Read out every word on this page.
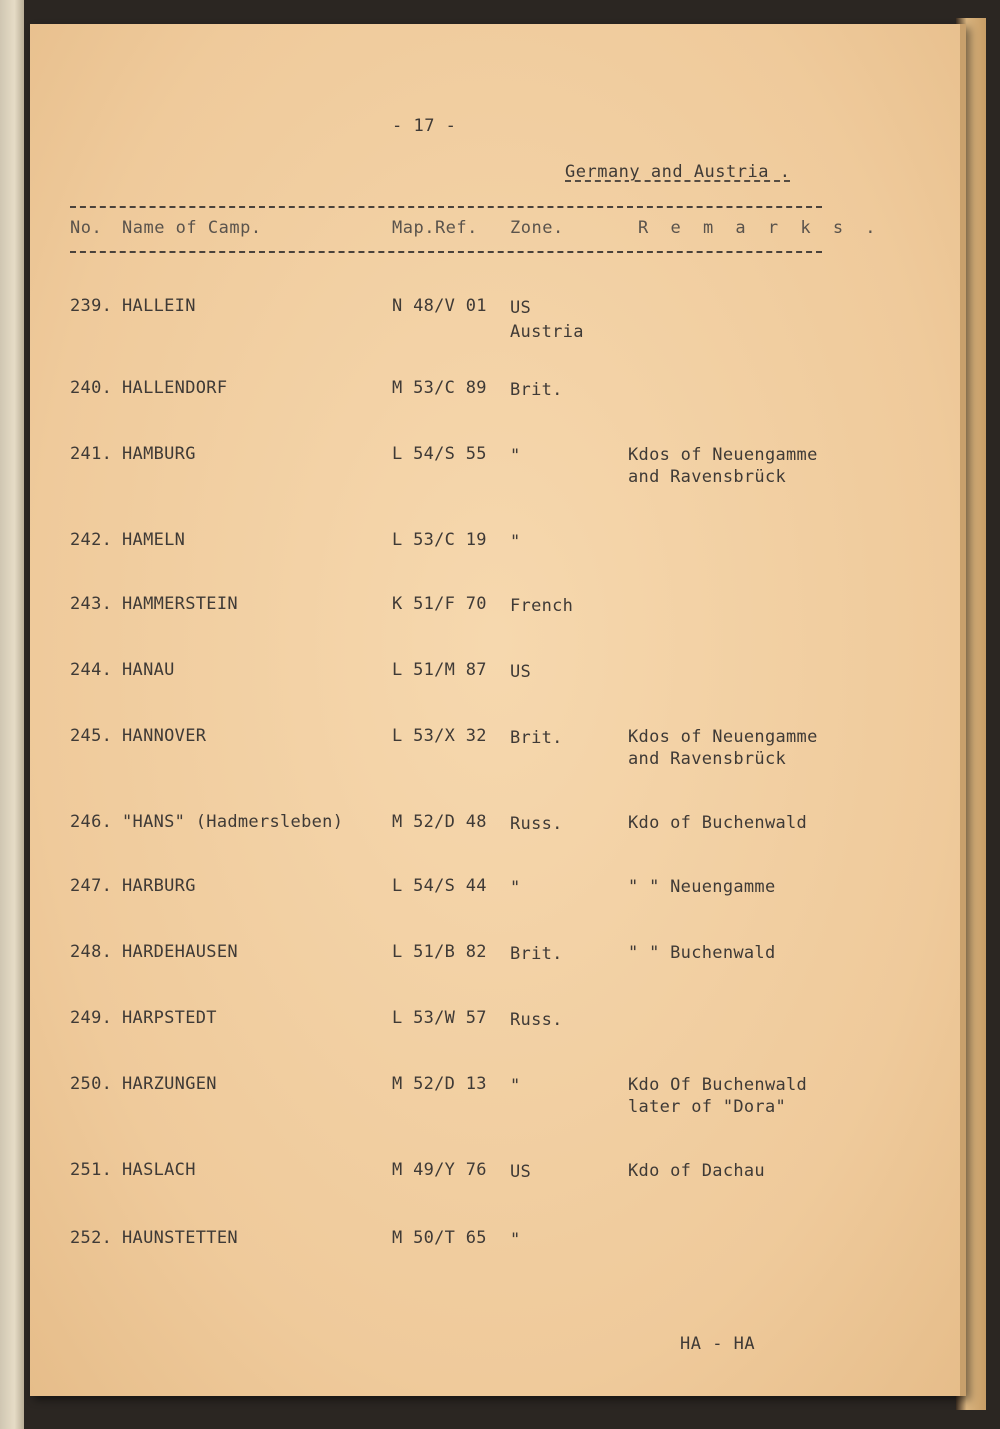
- 17 -
Germany and Austria .
No. Name of Camp.	Map.Ref. Zone.	R e m a r k s .
239. HALLEIN	N 48/V 01 US
Austria
240. HALLENDORF	M 53/C 89 Brit.
241. HAMBURG	L 54/S 55 "	Kdos of Neuengamme
and Ravensbrück
242. HAMELN	L 53/C 19 "
243. HAMMERSTEIN	K 51/F 70 French
244. HANAU	L 51/M 87 US
245. HANNOVER	L 53/X 32 Brit.	Kdos of Neuengamme
and Ravensbrück
246. "HANS" (Hadmersleben)	M 52/D 48 Russ.	Kdo of Buchenwald
247. HARBURG	L 54/S 44 "	" " Neuengamme
248. HARDEHAUSEN	L 51/B 82 Brit.	" " Buchenwald
249. HARPSTEDT	L 53/W 57 Russ.
250. HARZUNGEN	M 52/D 13 "	Kdo Of Buchenwald
later of "Dora"
251. HASLACH	M 49/Y 76 US	Kdo of Dachau
252. HAUNSTETTEN	M 50/T 65 "
HA - HA
